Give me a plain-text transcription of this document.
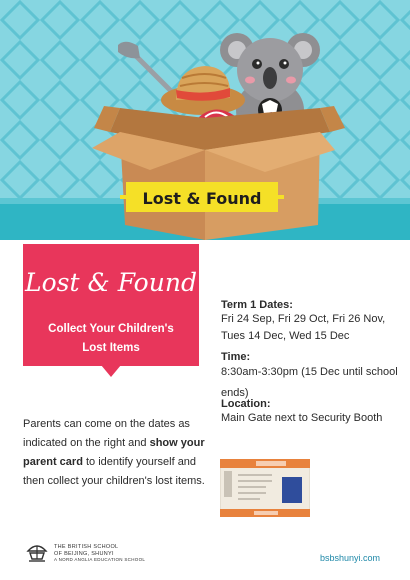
Lost & Found
Lost & Found
Collect Your Children's
Lost Items
Term 1 Dates:
Fri 24 Sep, Fri 29 Oct, Fri 26 Nov,
Tues 14 Dec, Wed 15 Dec
Time:
8:30am-3:30pm (15 Dec until school
ends)
Location:
Main Gate next to Security Booth
Parents can come on the dates as indicated on the right and show your parent card to identify yourself and then collect your children's lost items.
THE BRITISH SCHOOL
OF BEIJING, SHUNYI
A NORD ANGLIA EDUCATION SCHOOL	bsbshunyi.com
